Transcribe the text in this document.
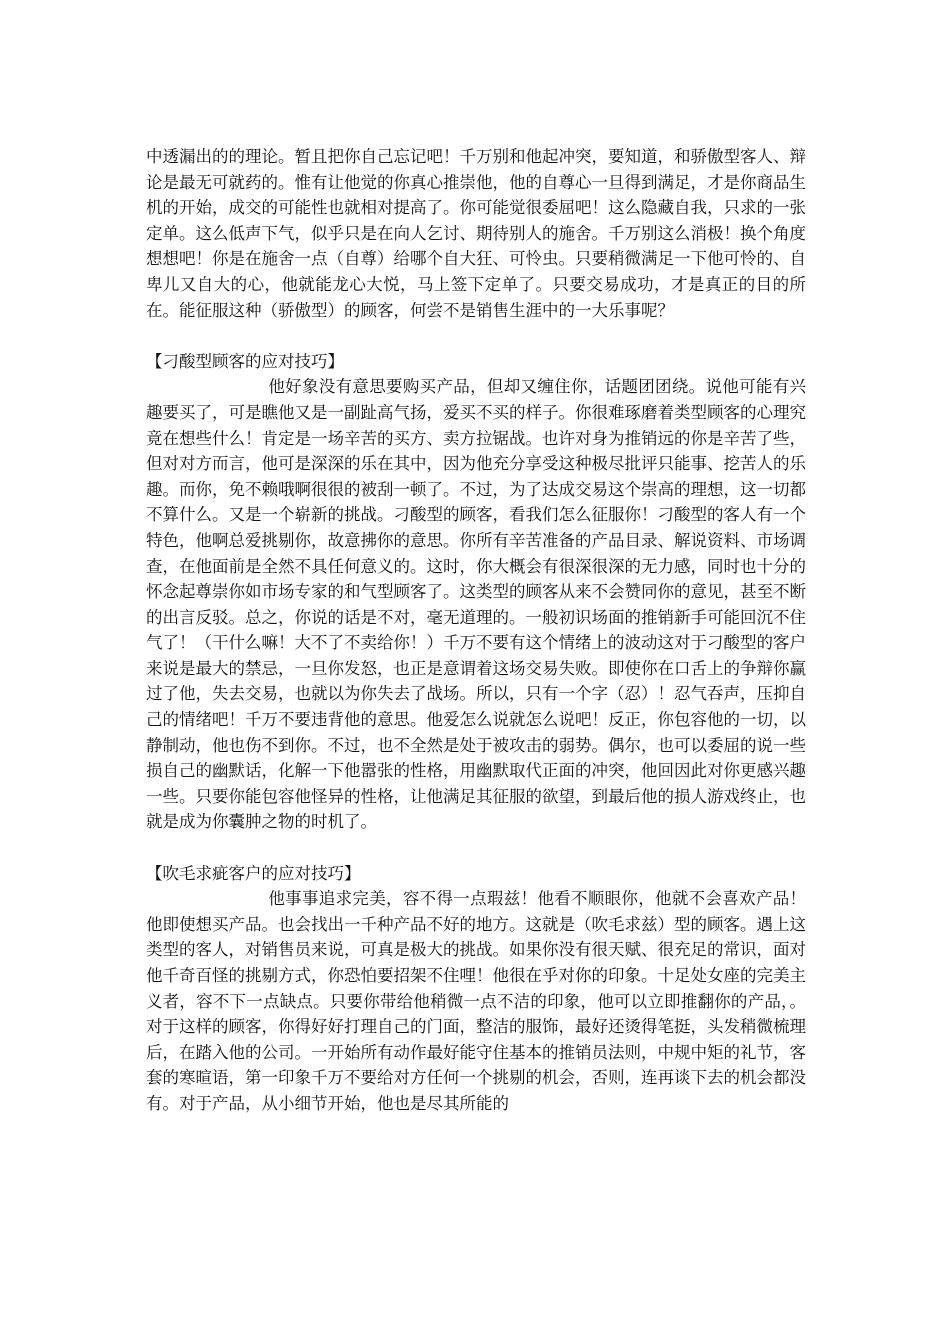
中透漏出的的理论。暂且把你自己忘记吧！千万别和他起冲突，要知道，和骄傲型客人、辩论是最无可就药的。惟有让他觉的你真心推崇他，他的自尊心一旦得到满足，才是你商品生机的开始，成交的可能性也就相对提高了。你可能觉很委屈吧！这么隐藏自我，只求的一张定单。这么低声下气，似乎只是在向人乞讨、期待别人的施舍。千万别这么消极！换个角度想想吧！你是在施舍一点（自尊）给哪个自大狂、可怜虫。只要稍微满足一下他可怜的、自卑儿又自大的心，他就能龙心大悦，马上签下定单了。只要交易成功，才是真正的目的所在。能征服这种（骄傲型）的顾客，何尝不是销售生涯中的一大乐事呢？

【刁酸型顾客的应对技巧】

他好象没有意思要购买产品，但却又缠住你，话题团团绕。说他可能有兴趣要买了，可是瞧他又是一副趾高气扬，爱买不买的样子。你很难琢磨着类型顾客的心理究竟在想些什么！肯定是一场辛苦的买方、卖方拉锯战。也许对身为推销远的你是辛苦了些，但对对方而言，他可是深深的乐在其中，因为他充分享受这种极尽批评只能事、挖苦人的乐趣。而你，免不赖哦啊很很的被刮一顿了。不过，为了达成交易这个崇高的理想，这一切都不算什么。又是一个崭新的挑战。刁酸型的顾客，看我们怎么征服你！刁酸型的客人有一个特色，他啊总爱挑剔你，故意拂你的意思。你所有辛苦准备的产品目录、解说资料、市场调查，在他面前是全然不具任何意义的。这时，你大概会有很深很深的无力感，同时也十分的怀念起尊崇你如市场专家的和气型顾客了。这类型的顾客从来不会赞同你的意见，甚至不断的出言反驳。总之，你说的话是不对，毫无道理的。一般初识场面的推销新手可能回沉不住气了！（干什么嘛！大不了不卖给你！）千万不要有这个情绪上的波动这对于刁酸型的客户来说是最大的禁忌，一旦你发怒，也正是意谓着这场交易失败。即使你在口舌上的争辩你赢过了他，失去交易，也就以为你失去了战场。所以，只有一个字（忍）！忍气吞声，压抑自己的情绪吧！千万不要违背他的意思。他爱怎么说就怎么说吧！反正，你包容他的一切，以静制动，他也伤不到你。不过，也不全然是处于被攻击的弱势。偶尔，也可以委屈的说一些损自己的幽默话，化解一下他嚣张的性格，用幽默取代正面的冲突，他回因此对你更感兴趣一些。只要你能包容他怪异的性格，让他满足其征服的欲望，到最后他的损人游戏终止，也就是成为你囊肿之物的时机了。

【吹毛求疵客户的应对技巧】

他事事追求完美，容不得一点瑕兹！他看不顺眼你，他就不会喜欢产品！他即使想买产品。也会找出一千种产品不好的地方。这就是（吹毛求兹）型的顾客。遇上这类型的客人，对销售员来说，可真是极大的挑战。如果你没有很天赋、很充足的常识，面对他千奇百怪的挑剔方式，你恐怕要招架不住哩！他很在乎对你的印象。十足处女座的完美主义者，容不下一点缺点。只要你带给他稍微一点不洁的印象，他可以立即推翻你的产品，。对于这样的顾客，你得好好打理自己的门面，整洁的服饰，最好还烫得笔挺，头发稍微梳理后，在踏入他的公司。一开始所有动作最好能守住基本的推销员法则，中规中矩的礼节，客套的寒暄语，第一印象千万不要给对方任何一个挑剔的机会，否则，连再谈下去的机会都没有。对于产品，从小细节开始，他也是尽其所能的
